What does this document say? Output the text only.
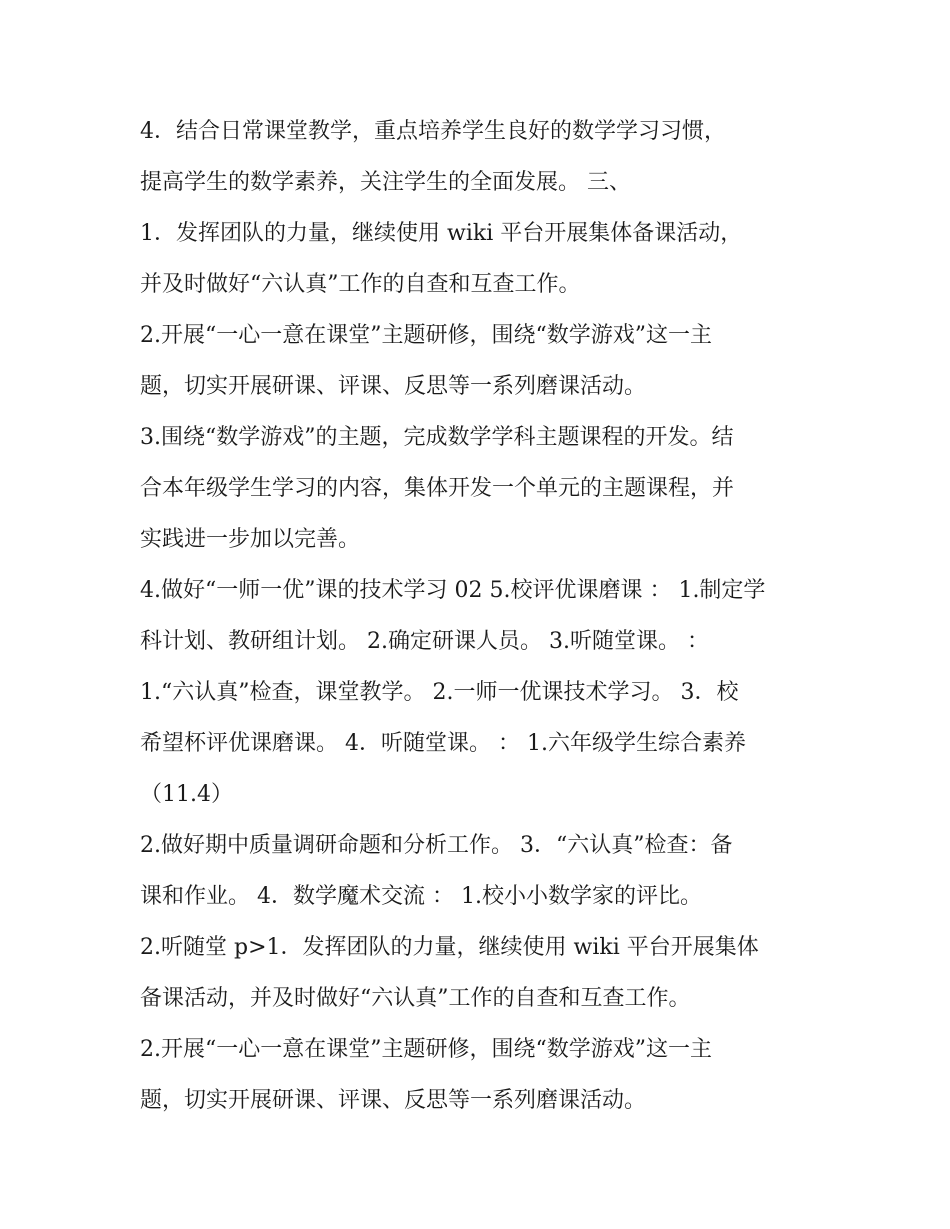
4．结合日常课堂教学，重点培养学生良好的数学学习习惯，
提高学生的数学素养，关注学生的全面发展。 三、
1．发挥团队的力量，继续使用 wiki 平台开展集体备课活动，
并及时做好“六认真”工作的自查和互查工作。
2.开展“一心一意在课堂”主题研修，围绕“数学游戏”这一主
题，切实开展研课、评课、反思等一系列磨课活动。
3.围绕“数学游戏”的主题，完成数学学科主题课程的开发。结
合本年级学生学习的内容，集体开发一个单元的主题课程，并
实践进一步加以完善。
4.做好“一师一优”课的技术学习 02 5.校评优课磨课 ： 1.制定学
科计划、教研组计划。 2.确定研课人员。 3.听随堂课。 ：
1.“六认真”检查，课堂教学。 2.一师一优课技术学习。 3．校
希望杯评优课磨课。 4．听随堂课。 ： 1.六年级学生综合素养
（11.4）
2.做好期中质量调研命题和分析工作。 3．“六认真”检查：备
课和作业。 4．数学魔术交流 ： 1.校小小数学家的评比。
2.听随堂 p>1．发挥团队的力量，继续使用 wiki 平台开展集体
备课活动，并及时做好“六认真”工作的自查和互查工作。
2.开展“一心一意在课堂”主题研修，围绕“数学游戏”这一主
题，切实开展研课、评课、反思等一系列磨课活动。
